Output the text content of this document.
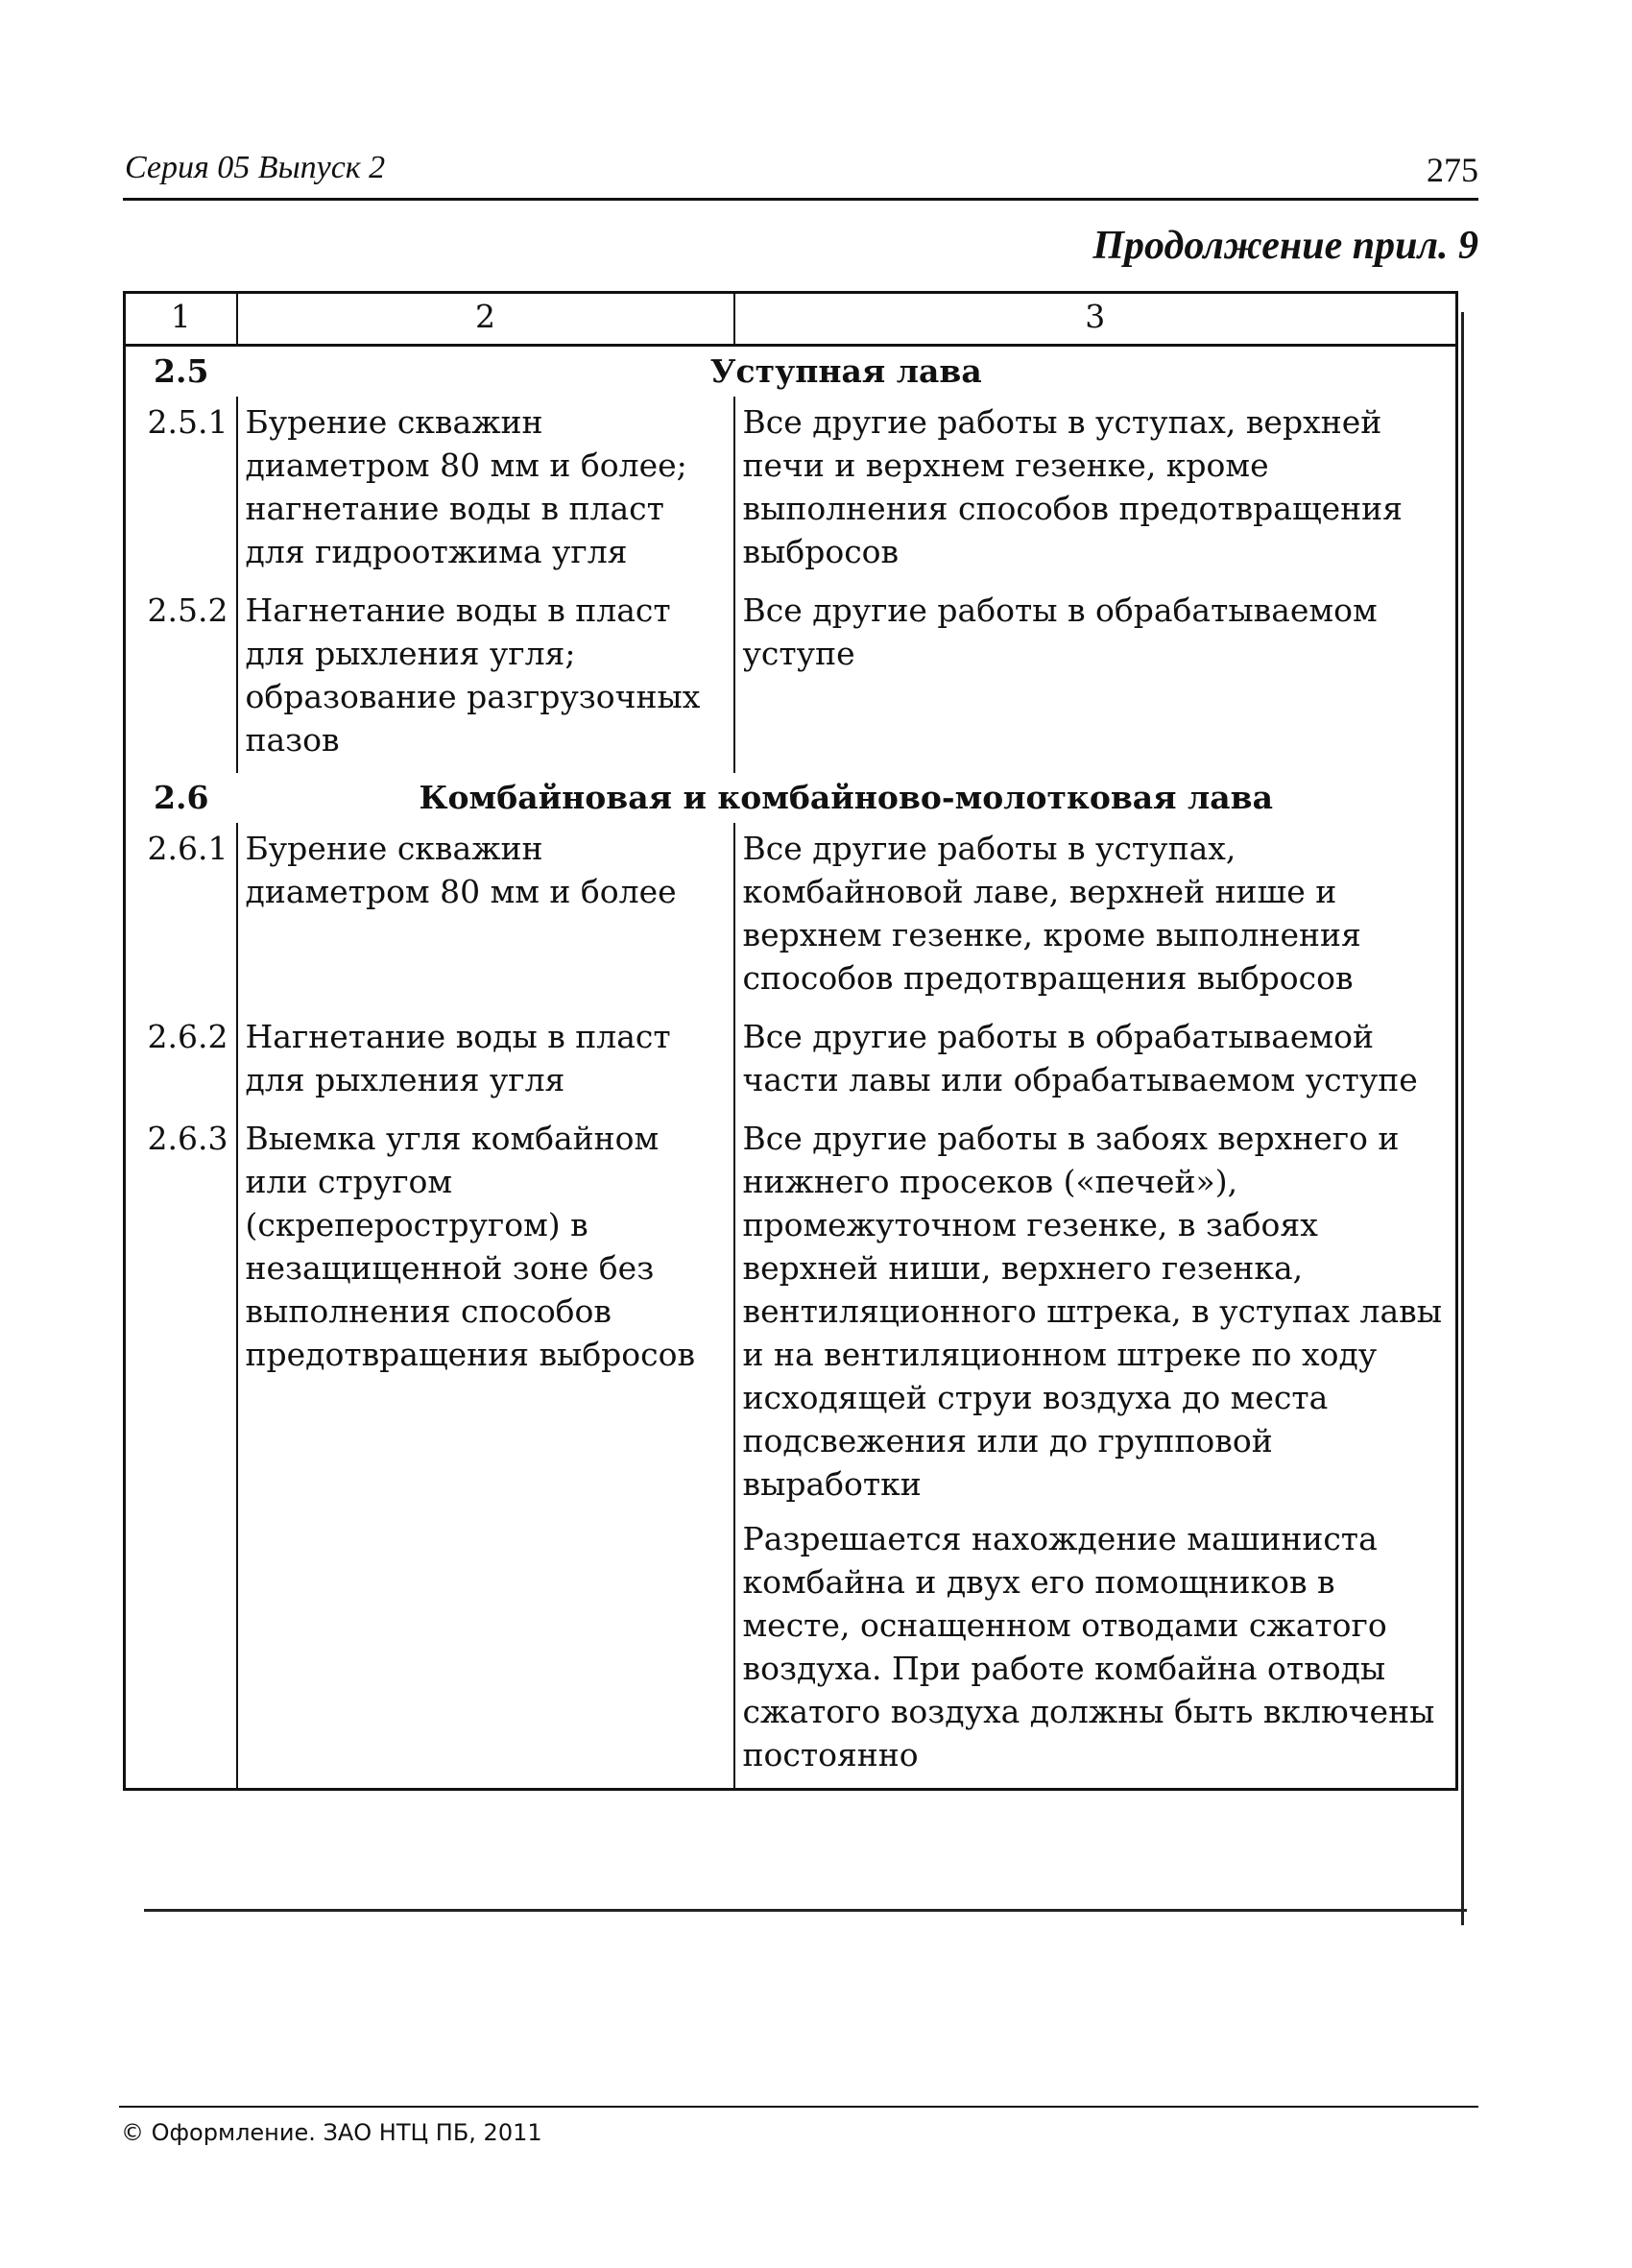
Серия 05 Выпуск 2	275
Продолжение прил. 9
1	2	3
2.5	Уступная лава	
2.5.1	Бурение скважин диаметром 80 мм и более; нагнетание воды в пласт для гидроотжима угля	Все другие работы в уступах, верхней печи и верхнем гезенке, кроме выполнения способов предотвращения выбросов
2.5.2	Нагнетание воды в пласт для рыхления угля; образование разгрузочных пазов	Все другие работы в обрабатываемом уступе
2.6	Комбайновая и комбайново-молотковая лава	
2.6.1	Бурение скважин диаметром 80 мм и более	Все другие работы в уступах, комбайновой лаве, верхней нише и верхнем гезенке, кроме выполнения способов предотвращения выбросов
2.6.2	Нагнетание воды в пласт для рыхления угля	Все другие работы в обрабатываемой части лавы или обрабатываемом уступе
2.6.3	Выемка угля комбайном или стругом (скреперостругом) в незащищенной зоне без выполнения способов предотвращения выбросов	Все другие работы в забоях верхнего и нижнего просеков («печей»), промежуточном гезенке, в забоях верхней ниши, верхнего гезенка, вентиляционного штрека, в уступах лавы и на вентиляционном штреке по ходу исходящей струи воздуха до места подсвежения или до групповой выработки
Разрешается нахождение машиниста комбайна и двух его помощников в месте, оснащенном отводами сжатого воздуха. При работе комбайна отводы сжатого воздуха должны быть включены постоянно
© Оформление. ЗАО НТЦ ПБ, 2011
